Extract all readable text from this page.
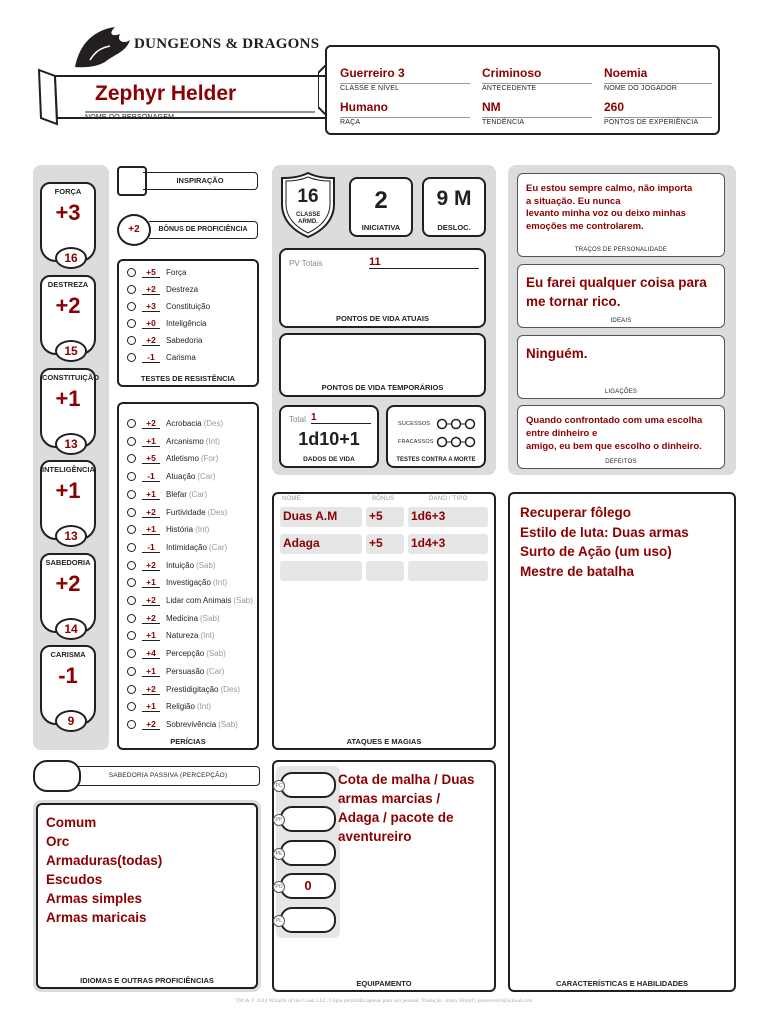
DUNGEONS & DRAGONS
Zephyr Helder
NOME DO PERSONAGEM
Guerreiro 3
CLASSE E NÍVEL
Criminoso
ANTECEDENTE
Noemia
NOME DO JOGADOR
Humano
RAÇA
NM
TENDÊNCIA
260
PONTOS DE EXPERIÊNCIA
FORÇA
+3
16
DESTREZA
+2
15
CONSTITUIÇÃO
+1
13
INTELIGÊNCIA
+1
13
SABEDORIA
+2
14
CARISMA
-1
9
INSPIRAÇÃO
+2	BÔNUS DE PROFICIÊNCIA
+5	Força
+2	Destreza
+3	Constituição
+0	Inteligência
+2	Sabedoria
-1	Carisma
TESTES DE RESISTÊNCIA
+2	Acrobacia (Des)
+1	Arcanismo (Int)
+5	Atletismo (For)
-1	Atuação (Car)
+1	Blefar (Car)
+2	Furtividade (Des)
+1	História (Int)
-1	Intimidação (Car)
+2	Intuição (Sab)
+1	Investigação (Int)
+2	Lidar com Animais (Sab)
+2	Medicina (Sab)
+1	Natureza (Int)
+4	Percepção (Sab)
+1	Persuasão (Car)
+2	Prestidigitação (Des)
+1	Religião (Int)
+2	Sobrevivência (Sab)
PERÍCIAS
SABEDORIA PASSIVA (PERCEPÇÃO)
Comum
Orc
Armaduras(todas)
Escudos
Armas simples
Armas maricais
IDIOMAS E OUTRAS PROFICIÊNCIAS
16
CLASSE ARMD.
2
INICIATIVA
9 M
DESLOC.
PV Totais	11
PONTOS DE VIDA ATUAIS
PONTOS DE VIDA TEMPORÁRIOS
Total 1
1d10+1
DADOS DE VIDA
SUCESSOS
FRACASSOS
TESTES CONTRA A MORTE
NOME	BÔNUS	DANO / TIPO
Duas A.M	+5 1d6+3
Adaga	+5 1d4+3
ATAQUES E MAGIAS
EQUIPAMENTO
PC
PP
PE
PO 0
PL
Cota de malha / Duas
armas marcias /
Adaga / pacote de
aventureiro
Eu estou sempre calmo, não importa
a situação. Eu nunca
levanto minha voz ou deixo minhas
emoções me controlarem.
TRAÇOS DE PERSONALIDADE
Eu farei qualquer coisa para
me tornar rico.
IDEAIS
Ninguém.
LIGAÇÕES
Quando confrontado com uma escolha
entre dinheiro e
amigo, eu bem que escolho o dinheiro.
DEFEITOS
Recuperar fôlego
Estilo de luta: Duas armas
Surto de Ação (um uso)
Mestre de batalha
CARACTERÍSTICAS E HABILIDADES
TM & © 2014 Wizards of the Coast LLC. Cópia permitida apenas para uso pessoal. Tradução: Johny Bittorf | jenoreveiro@icloud.com
